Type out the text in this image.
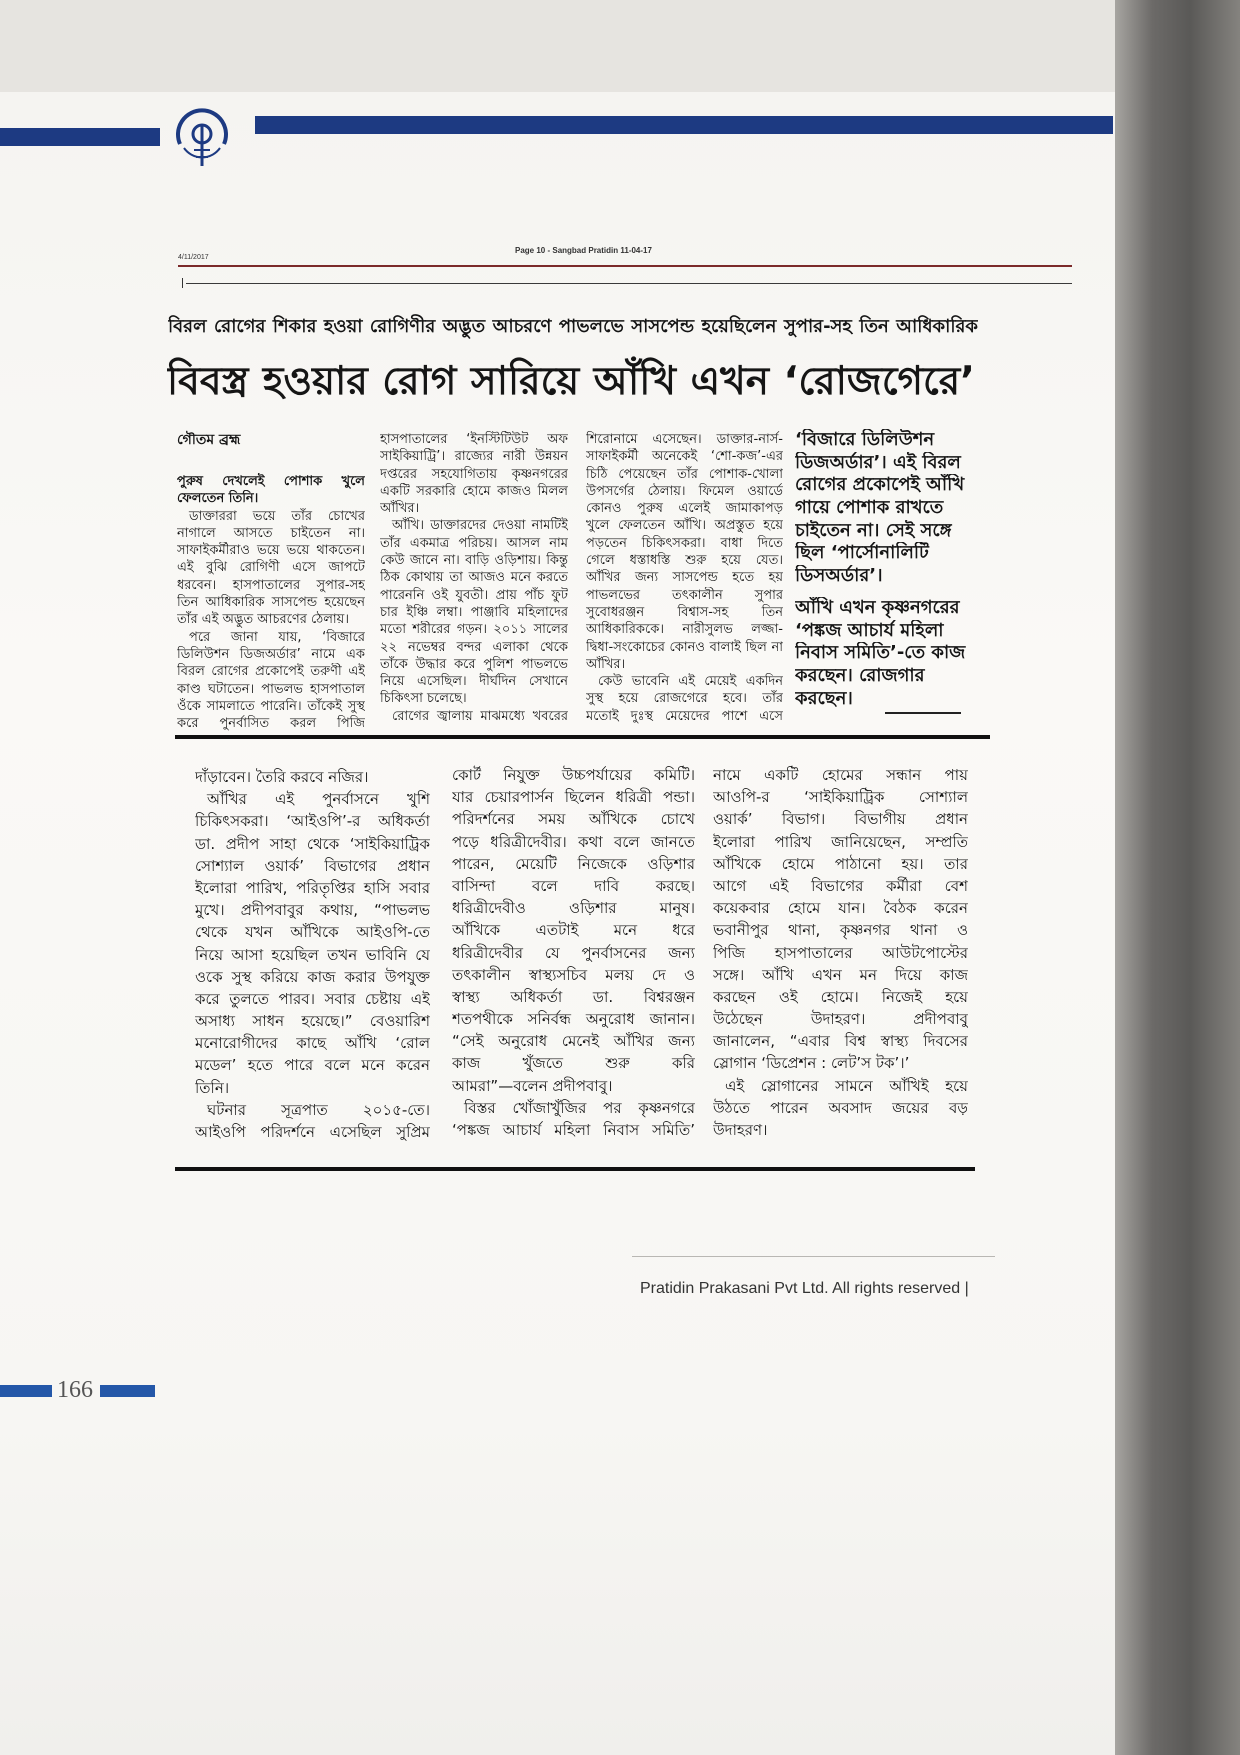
Page 10 - Sangbad Pratidin 11-04-17
4/11/2017
বিরল রোগের শিকার হওয়া রোগিণীর অদ্ভুত আচরণে পাভলভে সাসপেন্ড হয়েছিলেন সুপার-সহ তিন আধিকারিক
বিবস্ত্র হওয়ার রোগ সারিয়ে আঁখি এখন ‘রোজগেরে’
গৌতম ব্রহ্ম
পুরুষ দেখলেই পোশাক খুলে
ফেলতেন তিনি।
ডাক্তাররা ভয়ে তাঁর চোখের
নাগালে আসতে চাইতেন না।
সাফাইকর্মীরাও ভয়ে ভয়ে থাকতেন।
এই বুঝি রোগিণী এসে জাপটে
ধরবেন। হাসপাতালের সুপার-সহ
তিন আধিকারিক সাসপেন্ড হয়েছেন
তাঁর এই অদ্ভুত আচরণের ঠেলায়।
পরে জানা যায়, ‘বিজারে
ডিলিউশন ডিজঅর্ডার’ নামে এক
বিরল রোগের প্রকোপেই তরুণী এই
কাণ্ড ঘটাতেন। পাভলভ হাসপাতাল
ওঁকে সামলাতে পারেনি। তাঁকেই সুস্থ
করে পুনর্বাসিত করল পিজি
হাসপাতালের ‘ইনস্টিটিউট অফ
সাইকিয়াট্রি’। রাজ্যের নারী উন্নয়ন
দপ্তরের সহযোগিতায় কৃষ্ণনগরের
একটি সরকারি হোমে কাজও মিলল
আঁখির।
আঁখি। ডাক্তারদের দেওয়া নামটিই
তাঁর একমাত্র পরিচয়। আসল নাম
কেউ জানে না। বাড়ি ওড়িশায়। কিন্তু
ঠিক কোথায় তা আজও মনে করতে
পারেননি ওই যুবতী। প্রায় পাঁচ ফুট
চার ইঞ্চি লম্বা। পাঞ্জাবি মহিলাদের
মতো শরীরের গড়ন। ২০১১ সালের
২২ নভেম্বর বন্দর এলাকা থেকে
তাঁকে উদ্ধার করে পুলিশ পাভলভে
নিয়ে এসেছিল। দীর্ঘদিন সেখানে
চিকিৎসা চলেছে।
রোগের জ্বালায় মাঝমধ্যে খবরের
শিরোনামে এসেছেন। ডাক্তার-নার্স-
সাফাইকর্মী অনেকেই ‘শো-কজ’-এর
চিঠি পেয়েছেন তাঁর পোশাক-খোলা
উপসর্গের ঠেলায়। ফিমেল ওয়ার্ডে
কোনও পুরুষ এলেই জামাকাপড়
খুলে ফেলতেন আঁখি। অপ্রস্তুত হয়ে
পড়তেন চিকিৎসকরা। বাধা দিতে
গেলে ধস্তাধস্তি শুরু হয়ে যেত।
আঁখির জন্য সাসপেন্ড হতে হয়
পাভলভের তৎকালীন সুপার
সুবোধরঞ্জন বিশ্বাস-সহ তিন
আধিকারিককে। নারীসুলভ লজ্জা-
দ্বিধা-সংকোচের কোনও বালাই ছিল না
আঁখির।
কেউ ভাবেনি এই মেয়েই একদিন
সুস্থ হয়ে রোজগেরে হবে। তাঁর
মতোই দুঃস্থ মেয়েদের পাশে এসে
‘বিজারে ডিলিউশন
ডিজঅর্ডার’। এই বিরল
রোগের প্রকোপেই আঁখি
গায়ে পোশাক রাখতে
চাইতেন না। সেই সঙ্গে
ছিল ‘পার্সোনালিটি
ডিসঅর্ডার’।
আঁখি এখন কৃষ্ণনগরের
‘পঙ্কজ আচার্য মহিলা
নিবাস সমিতি’-তে কাজ
করছেন। রোজগার
করছেন।
দাঁড়াবেন। তৈরি করবে নজির।
আঁখির এই পুনর্বাসনে খুশি
চিকিৎসকরা। ‘আইওপি’-র অধিকর্তা
ডা. প্রদীপ সাহা থেকে ‘সাইকিয়াট্রিক
সোশ্যাল ওয়ার্ক’ বিভাগের প্রধান
ইলোরা পারিখ, পরিতৃপ্তির হাসি সবার
মুখে। প্রদীপবাবুর কথায়, “পাভলভ
থেকে যখন আঁখিকে আইওপি-তে
নিয়ে আসা হয়েছিল তখন ভাবিনি যে
ওকে সুস্থ করিয়ে কাজ করার উপযুক্ত
করে তুলতে পারব। সবার চেষ্টায় এই
অসাধ্য সাধন হয়েছে।” বেওয়ারিশ
মনোরোগীদের কাছে আঁখি ‘রোল
মডেল’ হতে পারে বলে মনে করেন
তিনি।
ঘটনার সূত্রপাত ২০১৫-তে।
আইওপি পরিদর্শনে এসেছিল সুপ্রিম
কোর্ট নিযুক্ত উচ্চপর্যায়ের কমিটি।
যার চেয়ারপার্সন ছিলেন ধরিত্রী পন্ডা।
পরিদর্শনের সময় আঁখিকে চোখে
পড়ে ধরিত্রীদেবীর। কথা বলে জানতে
পারেন, মেয়েটি নিজেকে ওড়িশার
বাসিন্দা বলে দাবি করছে।
ধরিত্রীদেবীও ওড়িশার মানুষ।
আঁখিকে এতটাই মনে ধরে
ধরিত্রীদেবীর যে পুনর্বাসনের জন্য
তৎকালীন স্বাস্থ্যসচিব মলয় দে ও
স্বাস্থ্য অধিকর্তা ডা. বিশ্বরঞ্জন
শতপথীকে সনির্বন্ধ অনুরোধ জানান।
“সেই অনুরোধ মেনেই আঁখির জন্য
কাজ খুঁজতে শুরু করি
আমরা”—বলেন প্রদীপবাবু।
বিস্তর খোঁজাখুঁজির পর কৃষ্ণনগরে
‘পঙ্কজ আচার্য মহিলা নিবাস সমিতি’
নামে একটি হোমের সন্ধান পায়
আওপি-র ‘সাইকিয়াট্রিক সোশ্যাল
ওয়ার্ক’ বিভাগ। বিভাগীয় প্রধান
ইলোরা পারিখ জানিয়েছেন, সম্প্রতি
আঁখিকে হোমে পাঠানো হয়। তার
আগে এই বিভাগের কর্মীরা বেশ
কয়েকবার হোমে যান। বৈঠক করেন
ভবানীপুর থানা, কৃষ্ণনগর থানা ও
পিজি হাসপাতালের আউটপোস্টের
সঙ্গে। আঁখি এখন মন দিয়ে কাজ
করছেন ওই হোমে। নিজেই হয়ে
উঠেছেন উদাহরণ। প্রদীপবাবু
জানালেন, “এবার বিশ্ব স্বাস্থ্য দিবসের
স্লোগান ‘ডিপ্রেশন : লেট’স টক’।’
এই স্লোগানের সামনে আঁখিই হয়ে
উঠতে পারেন অবসাদ জয়ের বড়
উদাহরণ।
Pratidin Prakasani Pvt Ltd. All rights reserved |
166
